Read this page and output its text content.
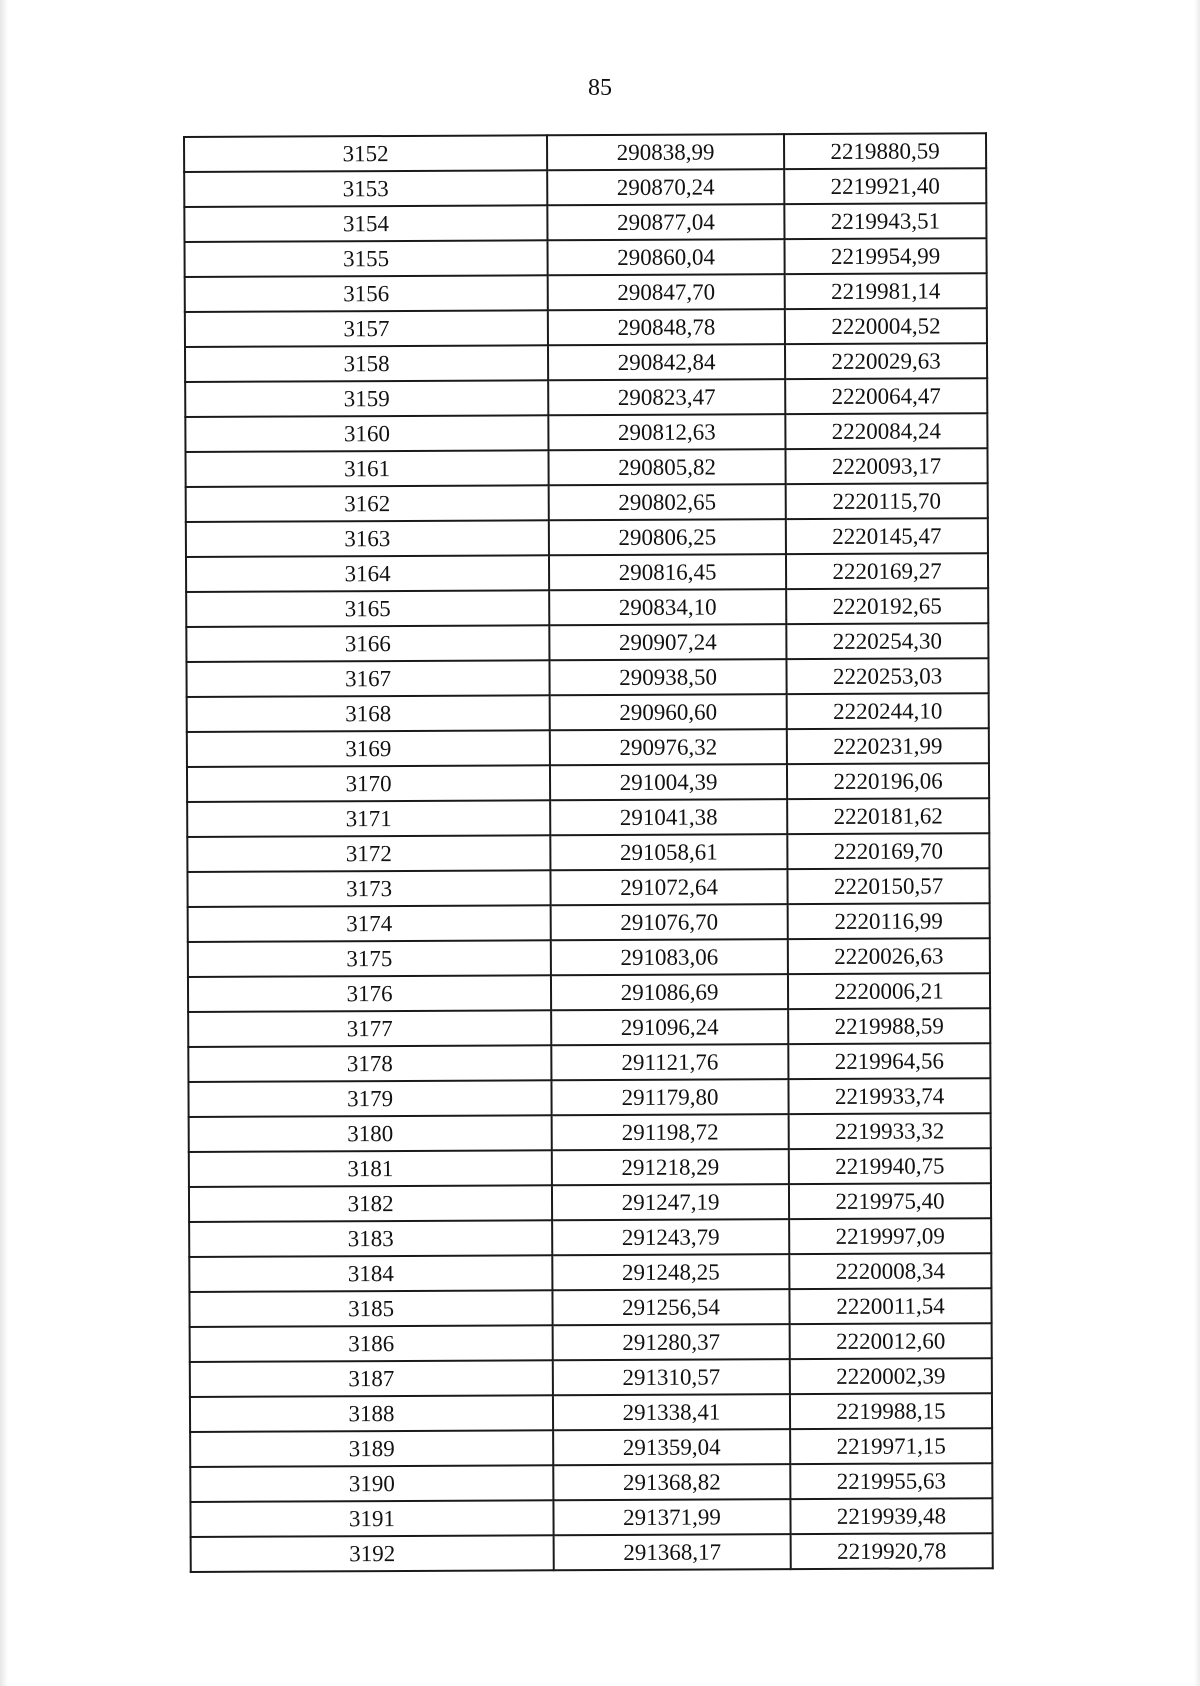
85
3152	290838,99	2219880,59
3153	290870,24	2219921,40
3154	290877,04	2219943,51
3155	290860,04	2219954,99
3156	290847,70	2219981,14
3157	290848,78	2220004,52
3158	290842,84	2220029,63
3159	290823,47	2220064,47
3160	290812,63	2220084,24
3161	290805,82	2220093,17
3162	290802,65	2220115,70
3163	290806,25	2220145,47
3164	290816,45	2220169,27
3165	290834,10	2220192,65
3166	290907,24	2220254,30
3167	290938,50	2220253,03
3168	290960,60	2220244,10
3169	290976,32	2220231,99
3170	291004,39	2220196,06
3171	291041,38	2220181,62
3172	291058,61	2220169,70
3173	291072,64	2220150,57
3174	291076,70	2220116,99
3175	291083,06	2220026,63
3176	291086,69	2220006,21
3177	291096,24	2219988,59
3178	291121,76	2219964,56
3179	291179,80	2219933,74
3180	291198,72	2219933,32
3181	291218,29	2219940,75
3182	291247,19	2219975,40
3183	291243,79	2219997,09
3184	291248,25	2220008,34
3185	291256,54	2220011,54
3186	291280,37	2220012,60
3187	291310,57	2220002,39
3188	291338,41	2219988,15
3189	291359,04	2219971,15
3190	291368,82	2219955,63
3191	291371,99	2219939,48
3192	291368,17	2219920,78
